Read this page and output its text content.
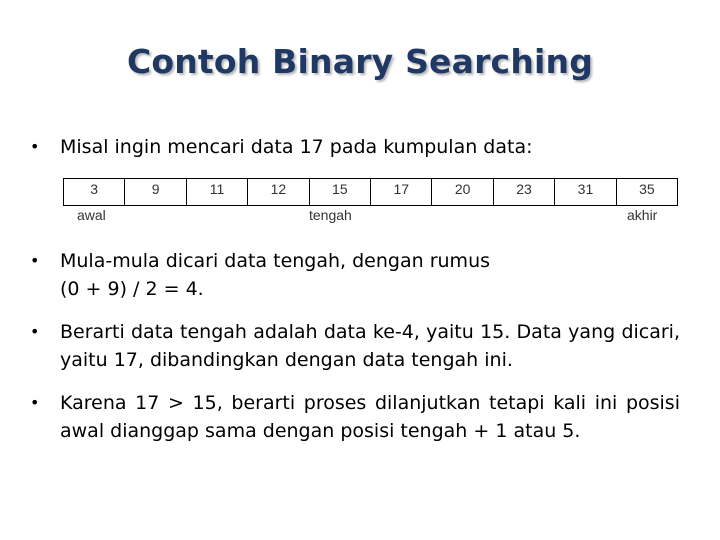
Contoh Binary Searching
• Misal ingin mencari data 17 pada kumpulan data:
3	9	11	12	15	17	20	23	31	35
awal	tengah	akhir
• Mula-mula dicari data tengah, dengan rumus
(0 + 9) / 2 = 4.
• Berarti data tengah adalah data ke-4, yaitu 15. Data yang dicari, yaitu 17, dibandingkan dengan data tengah ini.
• Karena 17 > 15, berarti proses dilanjutkan tetapi kali ini posisi awal dianggap sama dengan posisi tengah + 1 atau 5.
